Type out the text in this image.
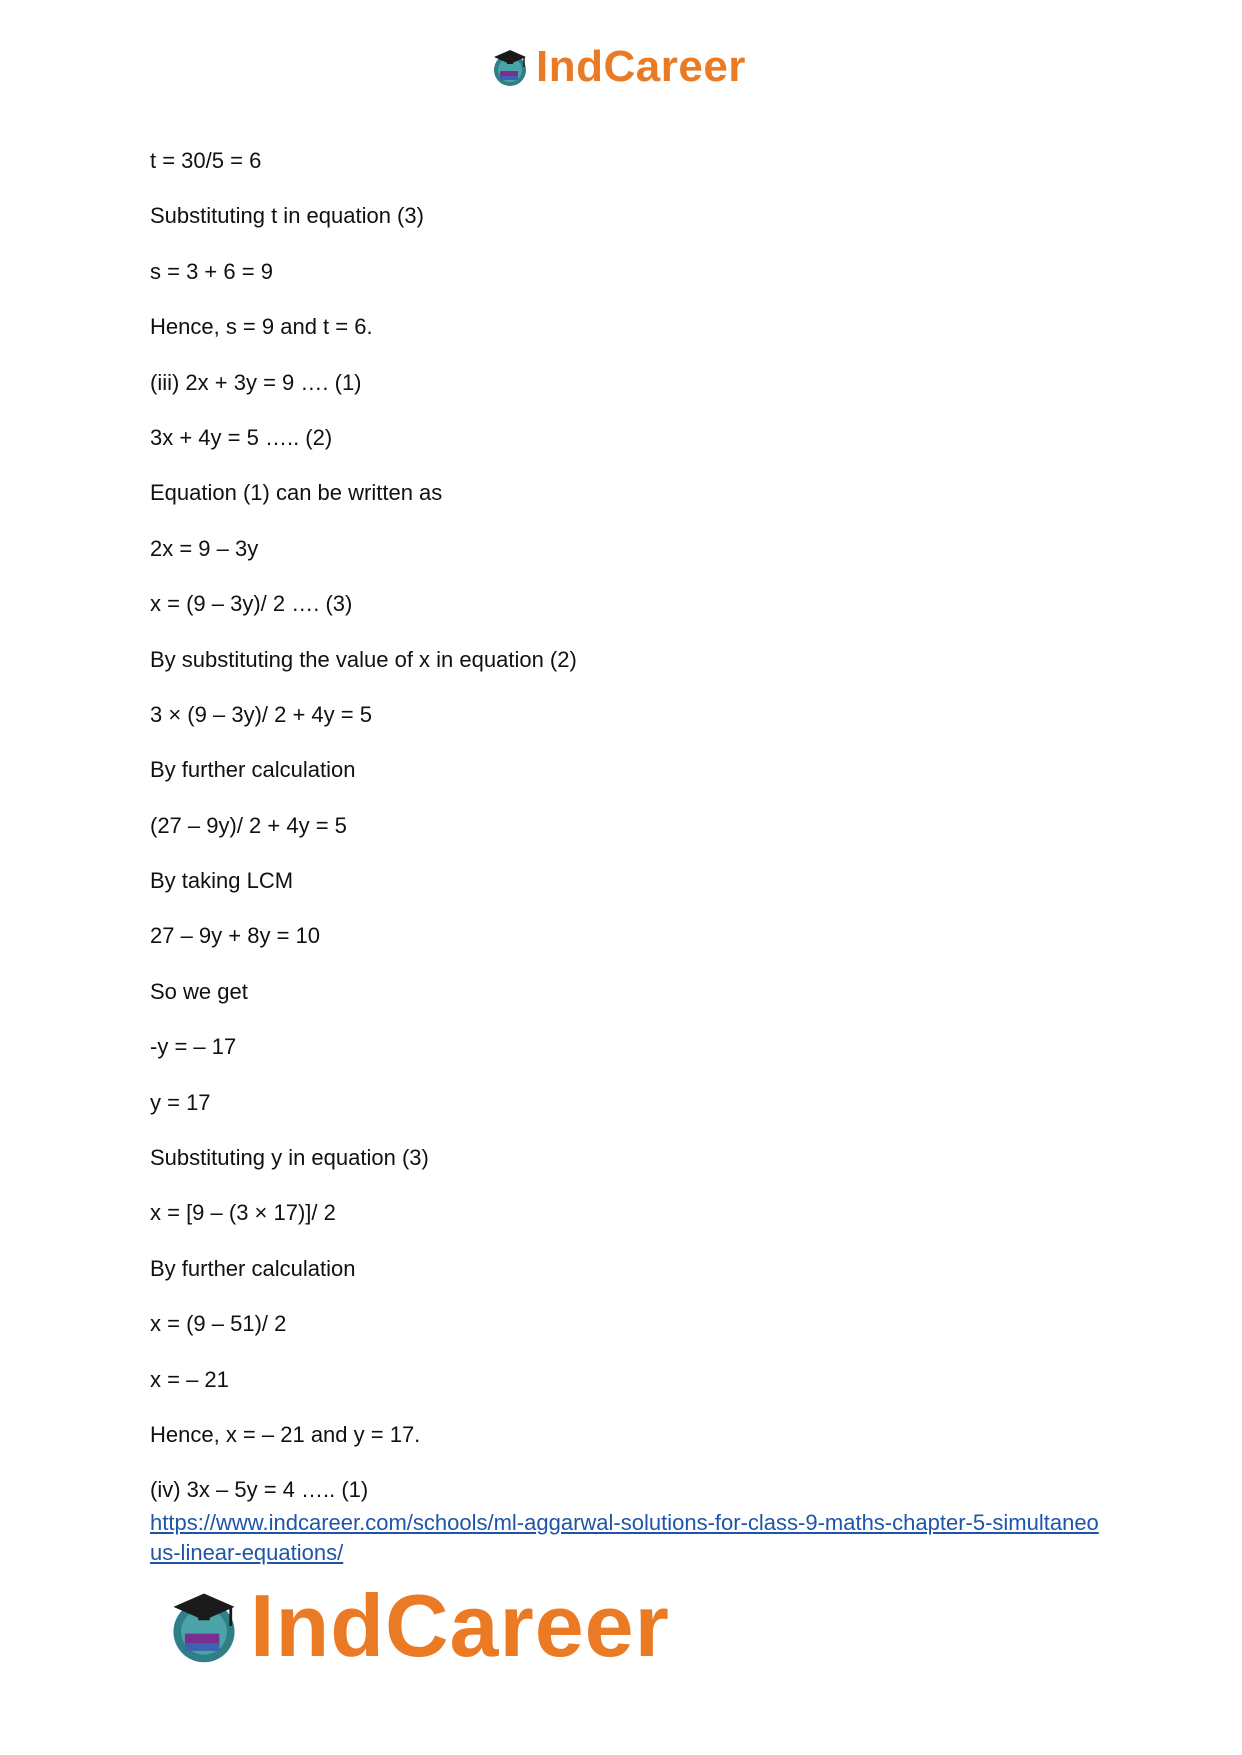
IndCareer
t = 30/5 = 6
Substituting t in equation (3)
s = 3 + 6 = 9
Hence, s = 9 and t = 6.
(iii) 2x + 3y = 9 …. (1)
3x + 4y = 5 ….. (2)
Equation (1) can be written as
2x = 9 – 3y
x = (9 – 3y)/ 2 …. (3)
By substituting the value of x in equation (2)
3 × (9 – 3y)/ 2 + 4y = 5
By further calculation
(27 – 9y)/ 2 + 4y = 5
By taking LCM
27 – 9y + 8y = 10
So we get
-y = – 17
y = 17
Substituting y in equation (3)
x = [9 – (3 × 17)]/ 2
By further calculation
x = (9 – 51)/ 2
x = – 21
Hence, x = – 21 and y = 17.
(iv) 3x – 5y = 4 ….. (1)
https://www.indcareer.com/schools/ml-aggarwal-solutions-for-class-9-maths-chapter-5-simultaneous-linear-equations/
IndCareer
